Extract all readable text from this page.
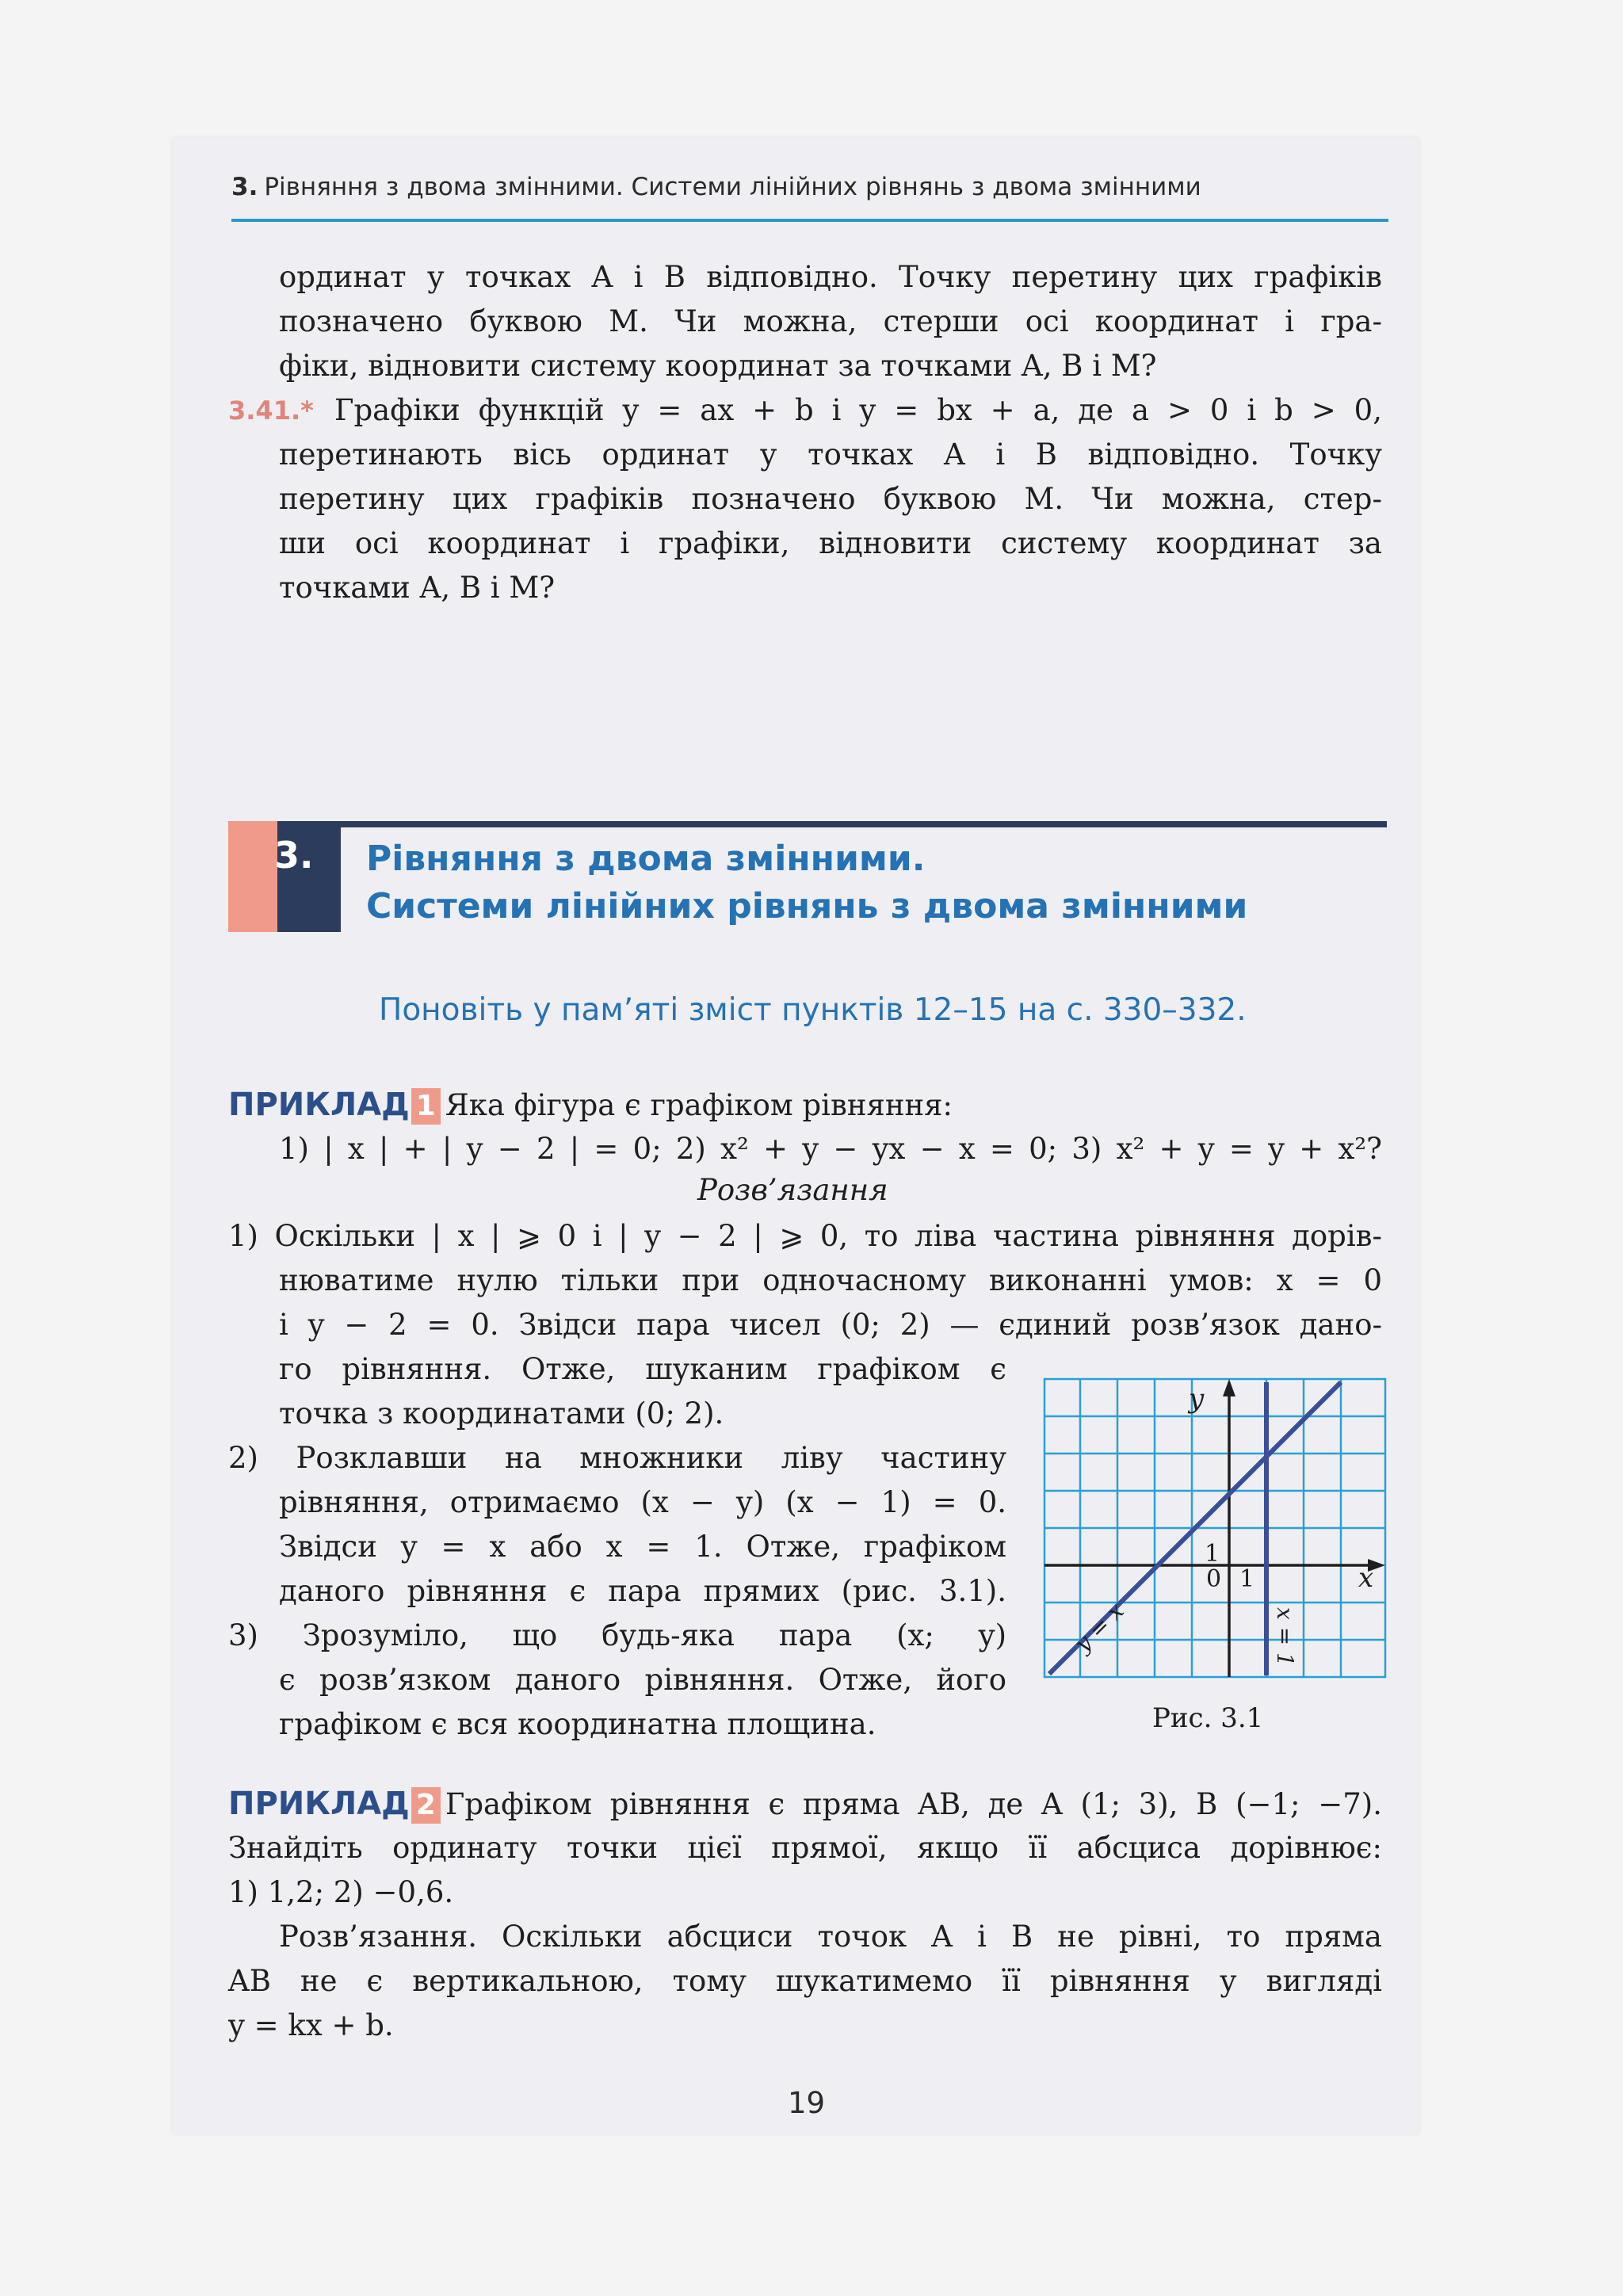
3. Рівняння з двома змінними. Системи лінійних рівнянь з двома змінними
ординат у точках A і B відповідно. Точку перетину цих графіків
позначено буквою M. Чи можна, стерши осі координат і гра-
фіки, відновити систему координат за точками A, B і M?
3.41.* Графіки функцій y = ax + b і y = bx + a, де a > 0 і b > 0,
перетинають вісь ординат у точках A і B відповідно. Точку
перетину цих графіків позначено буквою M. Чи можна, стер-
ши осі координат і графіки, відновити систему координат за
точками A, B і M?
3. Рівняння з двома змінними.
Системи лінійних рівнянь з двома змінними
Поновіть у пам’яті зміст пунктів 12–15 на с. 330–332.
ПРИКЛАД 1 Яка фігура є графіком рівняння:
1) | x | + | y − 2 | = 0; 2) x² + y − yx − x = 0; 3) x² + y = y + x²?
Розв’язання
1) Оскільки | x | ⩾ 0 і | y − 2 | ⩾ 0, то ліва частина рівняння дорів-
нюватиме нулю тільки при одночасному виконанні умов: x = 0
і y − 2 = 0. Звідси пара чисел (0; 2) — єдиний розв’язок дано-
го рівняння. Отже, шуканим графіком є
точка з координатами (0; 2).
2) Розклавши на множники ліву частину
рівняння, отримаємо (x − y) (x − 1) = 0.
Звідси y = x або x = 1. Отже, графіком
даного рівняння є пара прямих (рис. 3.1).
3) Зрозуміло, що будь-яка пара (x; y)
є розв’язком даного рівняння. Отже, його
графіком є вся координатна площина.
y
x
1
0 1
y = x	x = 1
Рис. 3.1
ПРИКЛАД 2 Графіком рівняння є пряма AB, де A (1; 3), B (−1; −7).
Знайдіть ординату точки цієї прямої, якщо її абсциса дорівнює:
1) 1,2; 2) −0,6.
Розв’язання. Оскільки абсциси точок A і B не рівні, то пряма
AB не є вертикальною, тому шукатимемо її рівняння у вигляді
y = kx + b.
19
